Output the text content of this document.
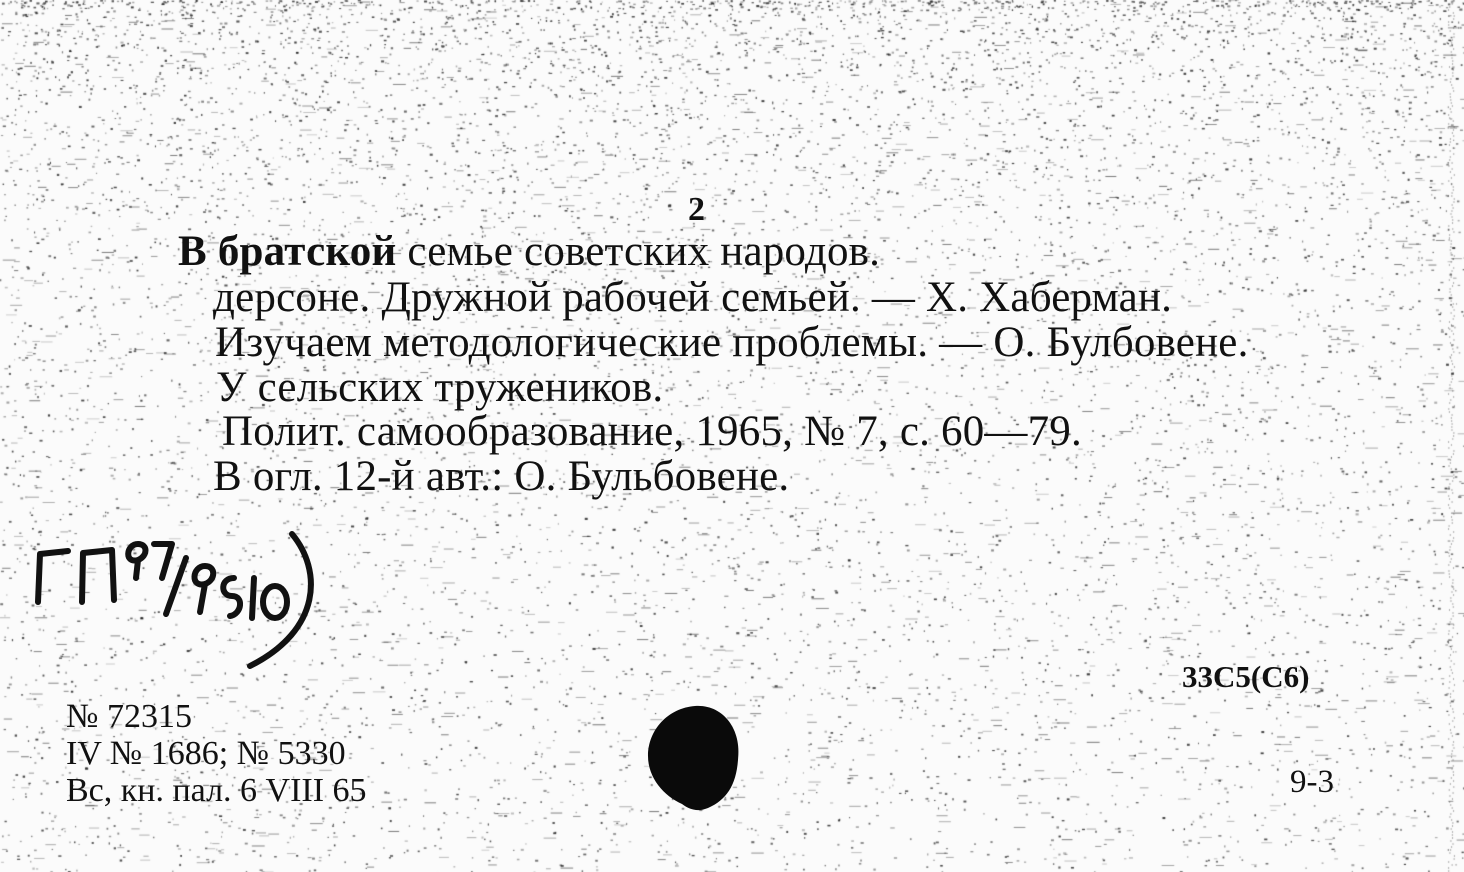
2
В братской семье советских народов.
дерсоне. Дружной рабочей семьей. — Х. Хаберман.
Изучаем методологические проблемы. — О. Булбовене.
У сельских тружеников.
Полит. самообразование, 1965, № 7, с. 60—79.
В огл. 12-й авт.: О. Бульбовене.
33С5(С6)
№ 72315
IV № 1686; № 5330
Вс, кн. пал. 6 VIII 65	9-3
